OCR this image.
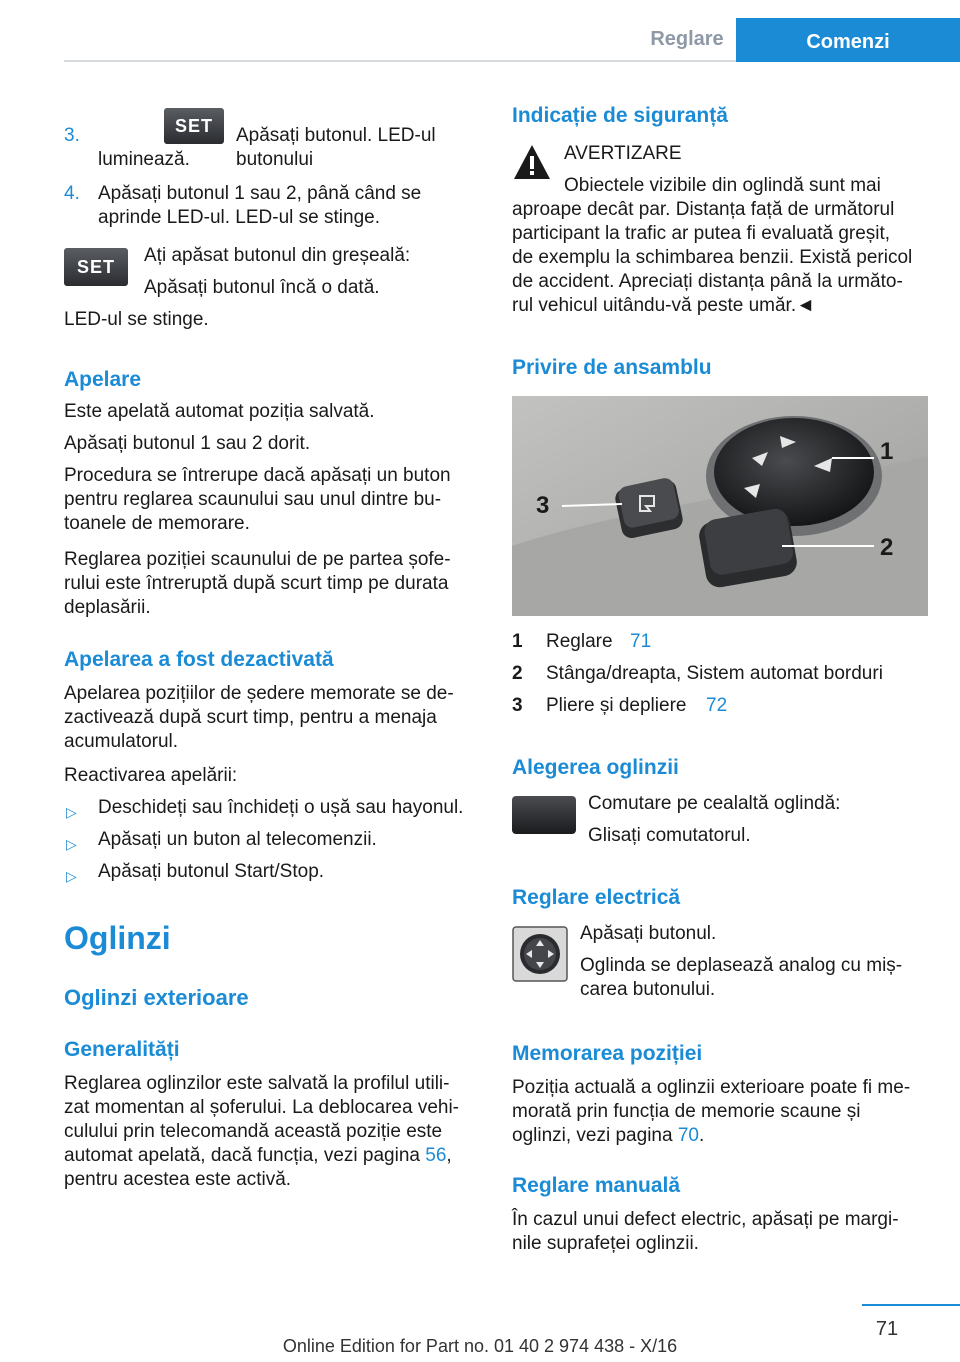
Reglare	Comenzi
3.	SET	Apăsați butonul. LED-ul butonului
luminează.
4. Apăsați butonul 1 sau 2, până când se
aprinde LED-ul. LED-ul se stinge.
SET
Ați apăsat butonul din greșeală:
Apăsați butonul încă o dată.
LED-ul se stinge.
Apelare
Este apelată automat poziția salvată.
Apăsați butonul 1 sau 2 dorit.
Procedura se întrerupe dacă apăsați un buton
pentru reglarea scaunului sau unul dintre bu-
toanele de memorare.
Reglarea poziției scaunului de pe partea șofe-
rului este întreruptă după scurt timp pe durata
deplasării.
Apelarea a fost dezactivată
Apelarea pozițiilor de ședere memorate se de-
zactivează după scurt timp, pentru a menaja
acumulatorul.
Reactivarea apelării:
▷ Deschideți sau închideți o ușă sau hayonul.
▷ Apăsați un buton al telecomenzii.
▷ Apăsați butonul Start/Stop.
Oglinzi
Oglinzi exterioare
Generalități
Reglarea oglinzilor este salvată la profilul utili-
zat momentan al șoferului. La deblocarea vehi-
culului prin telecomandă această poziție este
automat apelată, dacă funcția, vezi pagina 56,
pentru acestea este activă.
Indicație de siguranță
AVERTIZARE
Obiectele vizibile din oglindă sunt mai
aproape decât par. Distanța față de următorul
participant la trafic ar putea fi evaluată greșit,
de exemplu la schimbarea benzii. Există pericol
de accident. Apreciați distanța până la următo-
rul vehicul uitându-vă peste umăr.◄
Privire de ansamblu
1 Reglare 71
2 Stânga/dreapta, Sistem automat borduri
3 Pliere și depliere 72
Alegerea oglinzii
Comutare pe cealaltă oglindă:
Glisați comutatorul.
Reglare electrică
Apăsați butonul.
Oglinda se deplasează analog cu miș-
carea butonului.
Memorarea poziției
Poziția actuală a oglinzii exterioare poate fi me-
morată prin funcția de memorie scaune și
oglinzi, vezi pagina 70.
Reglare manuală
În cazul unui defect electric, apăsați pe margi-
nile suprafeței oglinzii.
1
2
3
71
Online Edition for Part no. 01 40 2 974 438 - X/16
